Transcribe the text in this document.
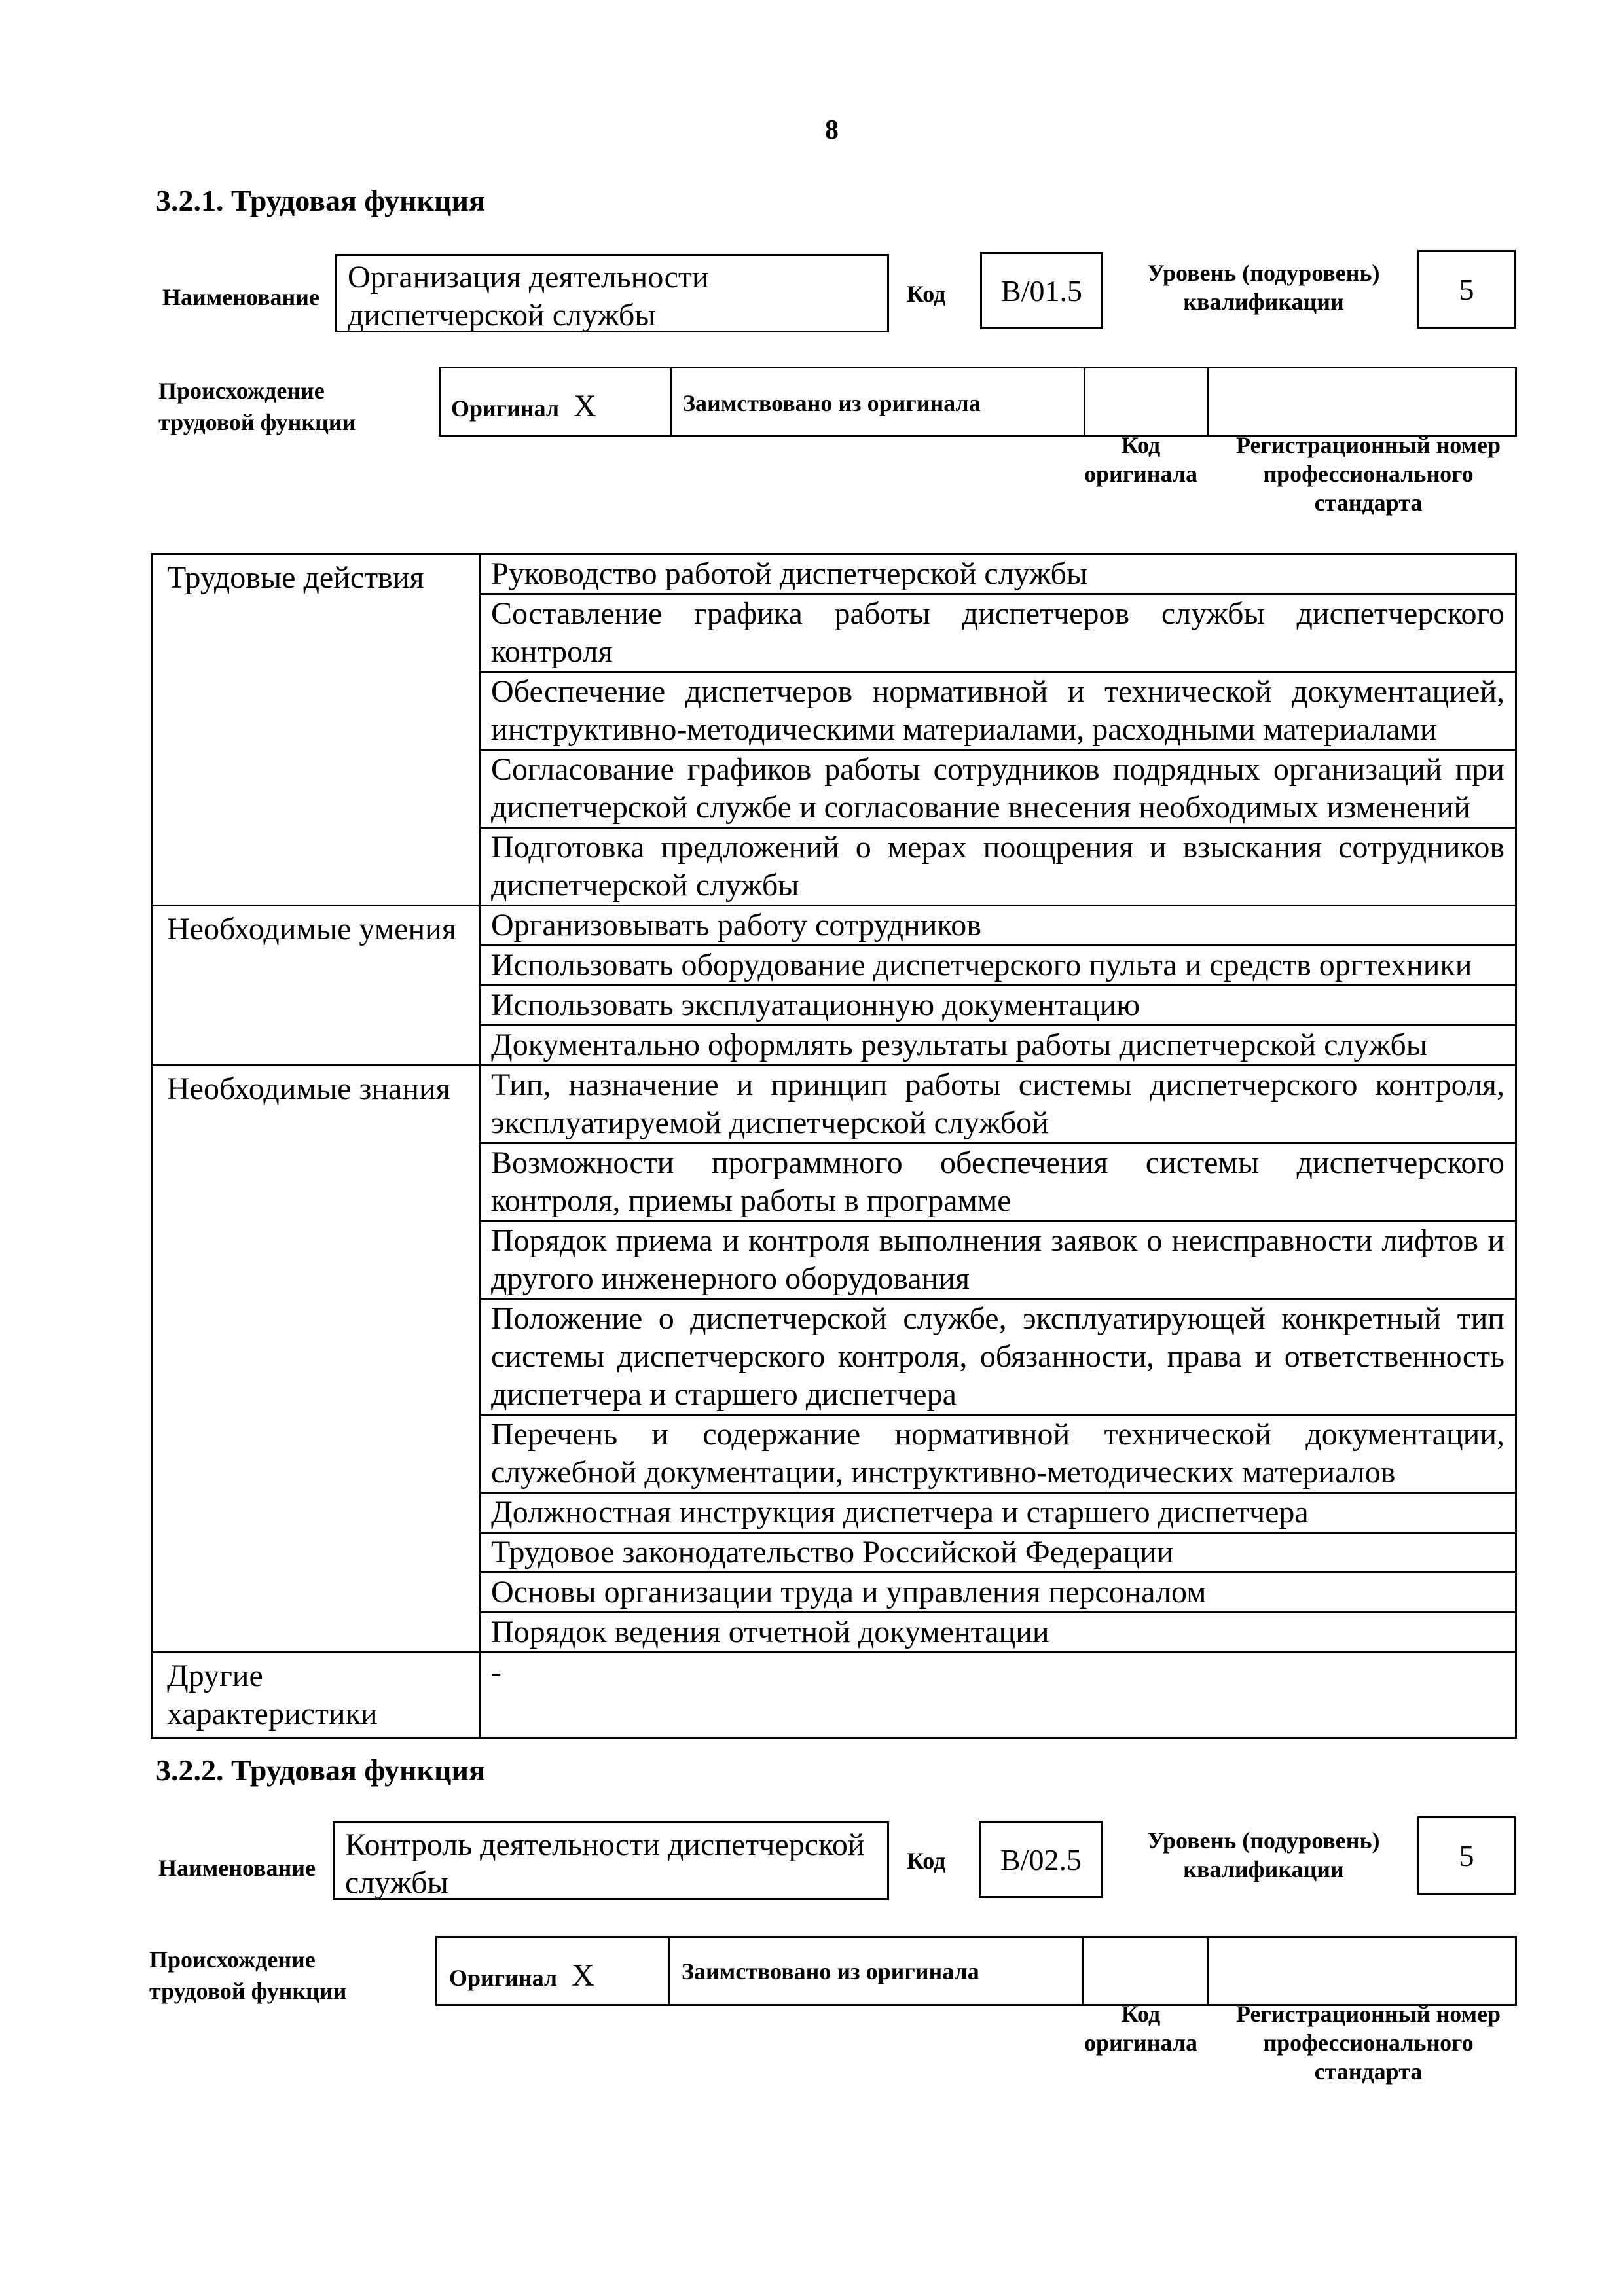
8
3.2.1. Трудовая функция
Наименование
Организация деятельности диспетчерской службы
Код B/01.5
Уровень (подуровень) квалификации	5
Происхождение трудовой функции
Оригинал X	Заимствовано из оригинала
Код оригинала
Регистрационный номер профессионального стандарта
Трудовые действия	Руководство работой диспетчерской службы
	Составление графика работы диспетчеров службы диспетчерского контроля
	Обеспечение диспетчеров нормативной и технической документацией, инструктивно-методическими материалами, расходными материалами
	Согласование графиков работы сотрудников подрядных организаций при диспетчерской службе и согласование внесения необходимых изменений
	Подготовка предложений о мерах поощрения и взыскания сотрудников диспетчерской службы
Необходимые умения	Организовывать работу сотрудников
	Использовать оборудование диспетчерского пульта и средств оргтехники
	Использовать эксплуатационную документацию
	Документально оформлять результаты работы диспетчерской службы
Необходимые знания	Тип, назначение и принцип работы системы диспетчерского контроля, эксплуатируемой диспетчерской службой
	Возможности программного обеспечения системы диспетчерского контроля, приемы работы в программе
	Порядок приема и контроля выполнения заявок о неисправности лифтов и другого инженерного оборудования
	Положение о диспетчерской службе, эксплуатирующей конкретный тип системы диспетчерского контроля, обязанности, права и ответственность диспетчера и старшего диспетчера
	Перечень и содержание нормативной технической документации, служебной документации, инструктивно-методических материалов
	Должностная инструкция диспетчера и старшего диспетчера
	Трудовое законодательство Российской Федерации
	Основы организации труда и управления персоналом
	Порядок ведения отчетной документации
Другие характеристики	-
3.2.2. Трудовая функция
Наименование
Контроль деятельности диспетчерской службы
Код B/02.5
Уровень (подуровень) квалификации	5
Происхождение трудовой функции	Оригинал X	Заимствовано из оригинала
Код оригинала
Регистрационный номер профессионального стандарта
